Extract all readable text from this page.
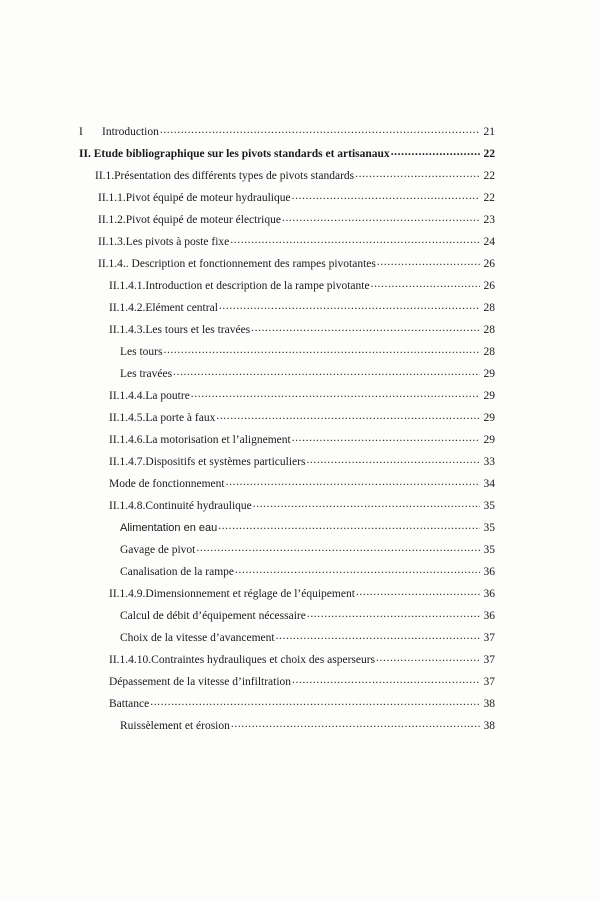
I	Introduction .....	21
II. Etude bibliographique sur les pivots standards et artisanaux .....	22
II.1.Présentation des différents types de pivots standards .....	22
II.1.1.Pivot équipé de moteur hydraulique .....	22
II.1.2.Pivot équipé de moteur électrique .....	23
II.1.3.Les pivots à poste fixe .....	24
II.1.4.. Description et fonctionnement des rampes pivotantes .....	26
II.1.4.1.Introduction et description de la rampe pivotante .....	26
II.1.4.2.Elément central .....	28
II.1.4.3.Les tours et les travées .....	28
Les tours .....	28
Les travées .....	29
II.1.4.4.La poutre .....	29
II.1.4.5.La porte à faux .....	29
II.1.4.6.La motorisation et l’alignement .....	29
II.1.4.7.Dispositifs et systèmes particuliers .....	33
Mode de fonctionnement .....	34
II.1.4.8.Continuité hydraulique .....	35
Alimentation en eau .....	35
Gavage de pivot .....	35
Canalisation de la rampe .....	36
II.1.4.9.Dimensionnement et réglage de l’équipement .....	36
Calcul de débit d’équipement nécessaire .....	36
Choix de la vitesse d’avancement .....	37
II.1.4.10.Contraintes hydrauliques et choix des asperseurs .....	37
Dépassement de la vitesse d’infiltration .....	37
Battance .....	38
Ruissèlement et érosion .....	38
